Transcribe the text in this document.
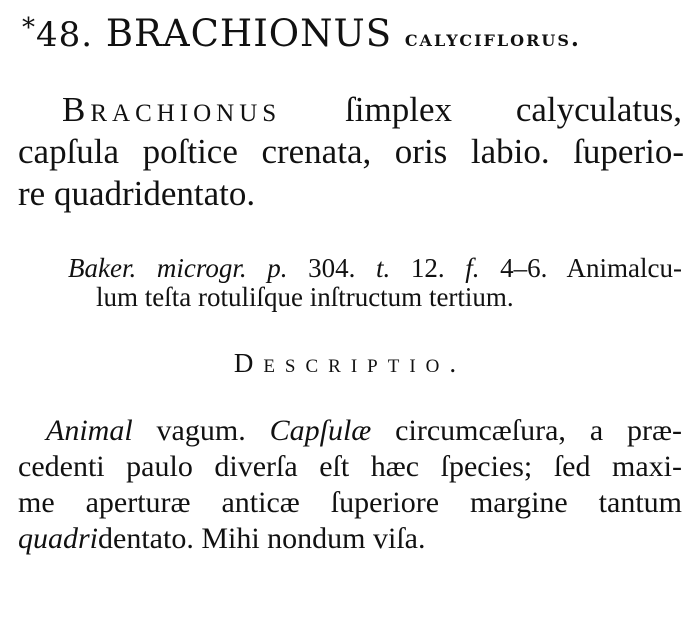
*48. BRACHIONUS calyciflorus.
Brachionus ſimplex calyculatus,
capſula poſtice crenata, oris labio. ſuperio-
re quadridentato.
Baker. microgr. p. 304. t. 12. f. 4–6. Animalcu-
lum teſta rotuliſque inſtructum tertium.
Descriptio.
Animal vagum. Capſulæ circumcæſura, a præ-
cedenti paulo diverſa eſt hæc ſpecies; ſed maxi-
me aperturæ anticæ ſuperiore margine tantum
quadridentato. Mihi nondum viſa.
